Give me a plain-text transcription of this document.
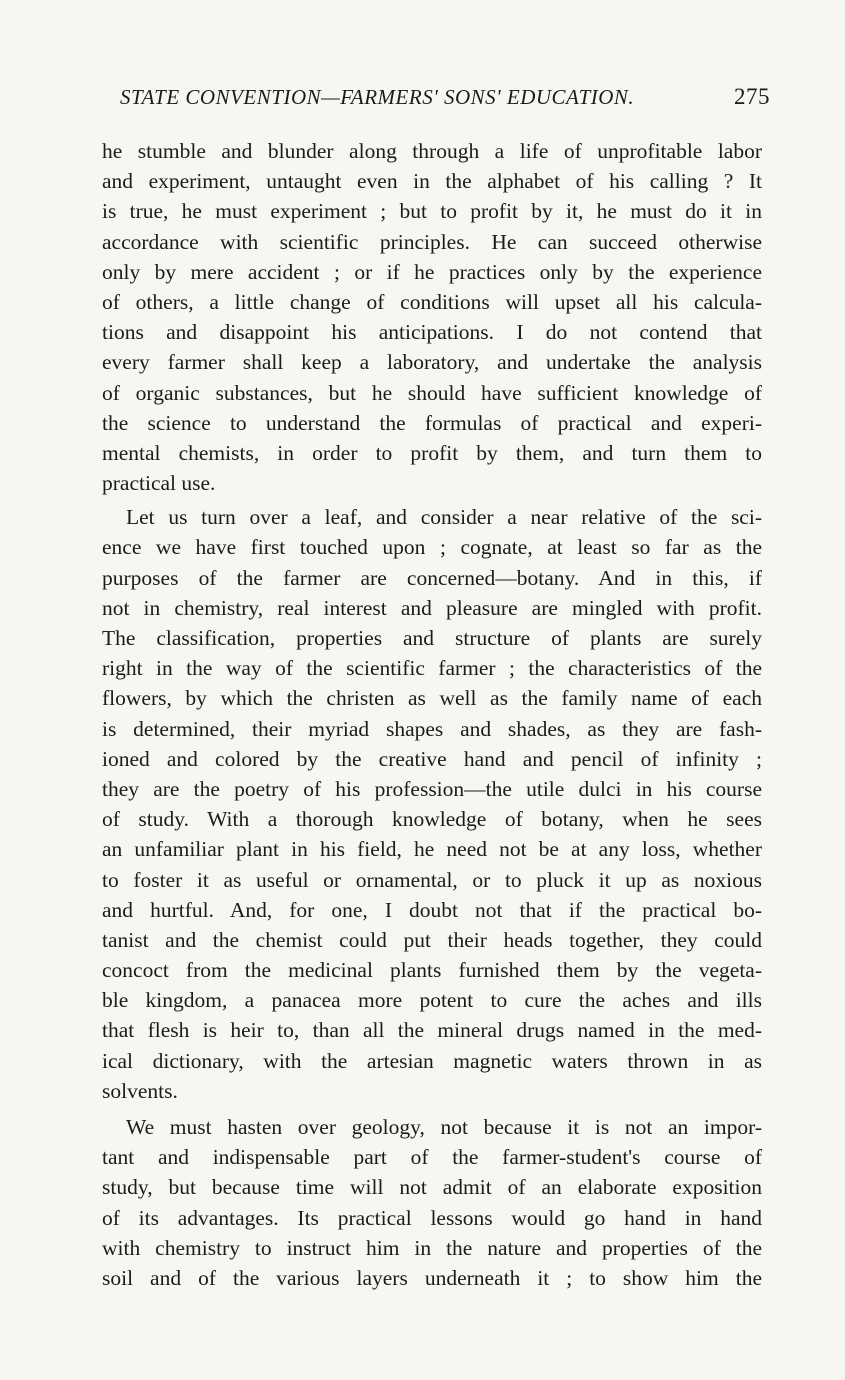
STATE CONVENTION—FARMERS' SONS' EDUCATION.	275
he stumble and blunder along through a life of unprofitable labor
and experiment, untaught even in the alphabet of his calling ? It
is true, he must experiment ; but to profit by it, he must do it in
accordance with scientific principles. He can succeed otherwise
only by mere accident ; or if he practices only by the experience
of others, a little change of conditions will upset all his calcula-
tions and disappoint his anticipations. I do not contend that
every farmer shall keep a laboratory, and undertake the analysis
of organic substances, but he should have sufficient knowledge of
the science to understand the formulas of practical and experi-
mental chemists, in order to profit by them, and turn them to
practical use.
Let us turn over a leaf, and consider a near relative of the sci-
ence we have first touched upon ; cognate, at least so far as the
purposes of the farmer are concerned—botany. And in this, if
not in chemistry, real interest and pleasure are mingled with profit.
The classification, properties and structure of plants are surely
right in the way of the scientific farmer ; the characteristics of the
flowers, by which the christen as well as the family name of each
is determined, their myriad shapes and shades, as they are fash-
ioned and colored by the creative hand and pencil of infinity ;
they are the poetry of his profession—the utile dulci in his course
of study. With a thorough knowledge of botany, when he sees
an unfamiliar plant in his field, he need not be at any loss, whether
to foster it as useful or ornamental, or to pluck it up as noxious
and hurtful. And, for one, I doubt not that if the practical bo-
tanist and the chemist could put their heads together, they could
concoct from the medicinal plants furnished them by the vegeta-
ble kingdom, a panacea more potent to cure the aches and ills
that flesh is heir to, than all the mineral drugs named in the med-
ical dictionary, with the artesian magnetic waters thrown in as
solvents.
We must hasten over geology, not because it is not an impor-
tant and indispensable part of the farmer-student's course of
study, but because time will not admit of an elaborate exposition
of its advantages. Its practical lessons would go hand in hand
with chemistry to instruct him in the nature and properties of the
soil and of the various layers underneath it ; to show him the
